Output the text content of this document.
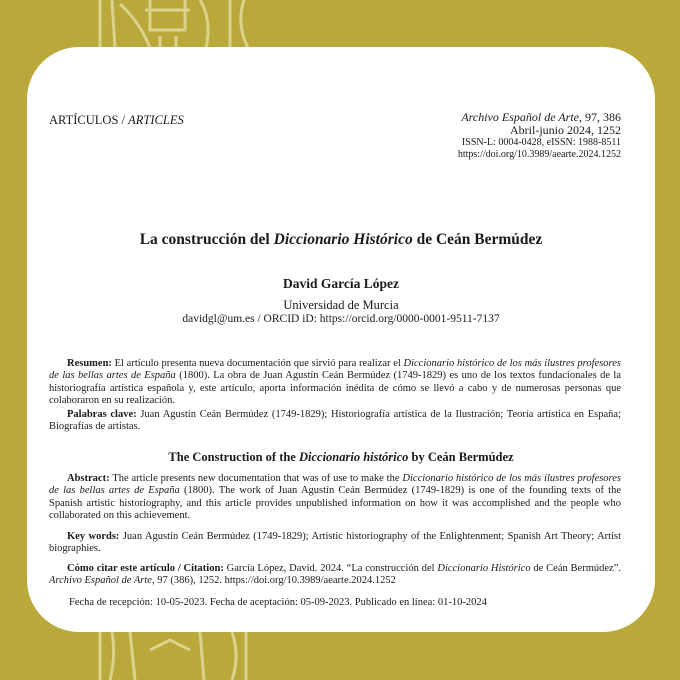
ARTÍCULOS / ARTICLES	Archivo Español de Arte, 97, 386
Abril-junio 2024, 1252
ISSN-L: 0004-0428, eISSN: 1988-8511
https://doi.org/10.3989/aearte.2024.1252
La construcción del Diccionario Histórico de Ceán Bermúdez
David García López
Universidad de Murcia
davidgl@um.es / ORCID iD: https://orcid.org/0000-0001-9511-7137
Resumen: El artículo presenta nueva documentación que sirvió para realizar el Diccionario histórico de los más ilustres profesores de las bellas artes de España (1800). La obra de Juan Agustín Ceán Bermúdez (1749-1829) es uno de los textos fundacionales de la historiografía artística española y, este artículo, aporta información inédita de cómo se llevó a cabo y de numerosas personas que colaboraron en su realización.
Palabras clave: Juan Agustín Ceán Bermúdez (1749-1829); Historiografía artística de la Ilustración; Teoría artística en España; Biografías de artistas.
The Construction of the Diccionario histórico by Ceán Bermúdez
Abstract: The article presents new documentation that was of use to make the Diccionario histórico de los más ilustres profesores de las bellas artes de España (1800). The work of Juan Agustín Ceán Bermúdez (1749-1829) is one of the founding texts of the Spanish artistic historiography, and this article provides unpublished information on how it was accomplished and the people who collaborated on this achievement.
Key words: Juan Agustín Ceán Bermúdez (1749-1829); Artistic historiography of the Enlightenment; Spanish Art Theory; Artist biographies.
Cómo citar este artículo / Citation: García López, David. 2024. “La construcción del Diccionario Histórico de Ceán Bermúdez”. Archivo Español de Arte, 97 (386), 1252. https://doi.org/10.3989/aearte.2024.1252
Fecha de recepción: 10-05-2023. Fecha de aceptación: 05-09-2023. Publicado en línea: 01-10-2024
